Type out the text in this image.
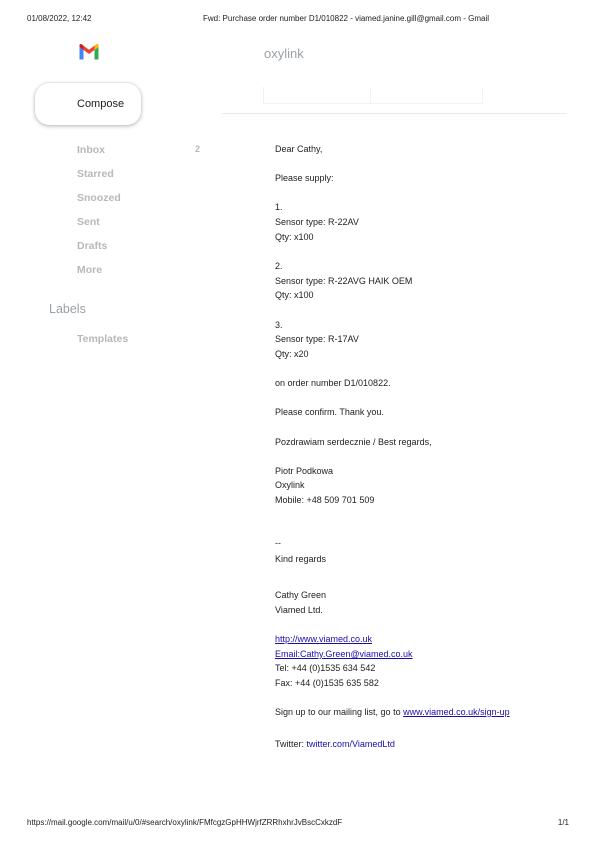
01/08/2022, 12:42	Fwd: Purchase order number D1/010822 - viamed.janine.gill@gmail.com - Gmail
https://mail.google.com/mail/u/0/#search/oxylink/FMfcgzGpHHWjrfZRRhxhrJvBscCxkzdF	1/1
oxylink
Compose
Inbox	2
Starred
Snoozed
Sent
Drafts
More
Labels
Templates
Dear Cathy,
Please supply:
1.
Sensor type: R-22AV
Qty: x100
2.
Sensor type: R-22AVG HAIK OEM
Qty: x100
3.
Sensor type: R-17AV
Qty: x20
on order number D1/010822.
Please confirm. Thank you.
Pozdrawiam serdecznie / Best regards,
Piotr Podkowa
Oxylink
Mobile: +48 509 701 509
--
Kind regards
Cathy Green
Viamed Ltd.
http://www.viamed.co.uk
Email:Cathy.Green@viamed.co.uk
Tel: +44 (0)1535 634 542
Fax: +44 (0)1535 635 582
Sign up to our mailing list, go to www.viamed.co.uk/sign-up
Twitter: twitter.com/ViamedLtd
